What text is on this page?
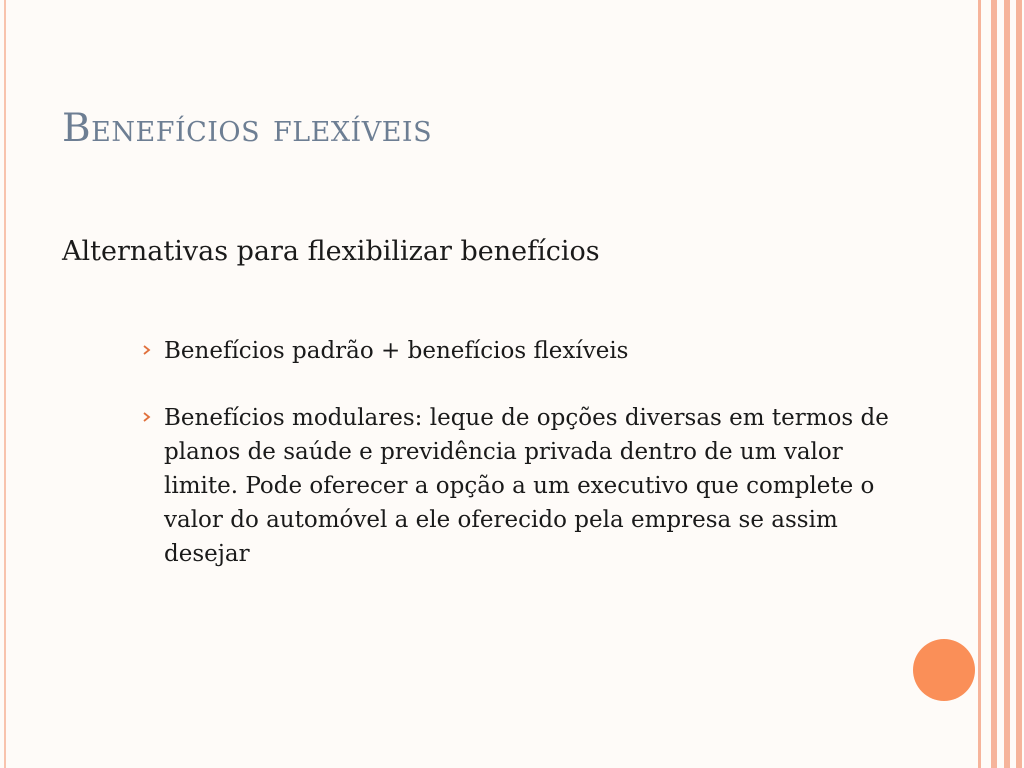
Benefícios flexíveis
Alternativas para flexibilizar benefícios
Benefícios padrão + benefícios flexíveis
Benefícios modulares: leque de opções diversas em termos de planos de saúde e previdência privada dentro de um valor limite. Pode oferecer a opção a um executivo que complete o valor do automóvel a ele oferecido pela empresa se assim desejar
